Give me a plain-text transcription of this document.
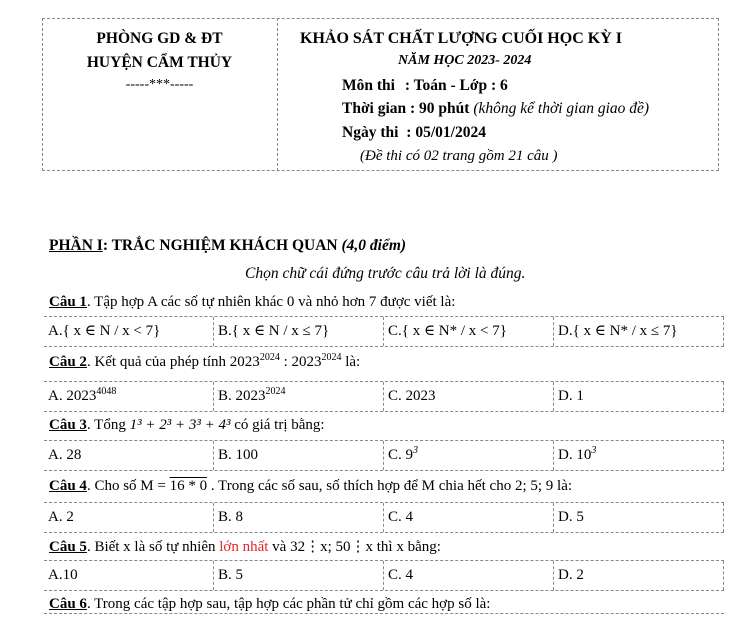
PHÒNG GD & ĐT
HUYỆN CẨM THỦY
-----***-----
KHẢO SÁT CHẤT LƯỢNG CUỐI HỌC KỲ I
NĂM HỌC 2023- 2024
Môn thi : Toán - Lớp : 6
Thời gian : 90 phút (không kể thời gian giao đề)
Ngày thi : 05/01/2024
(Đề thi có 02 trang gồm 21 câu )
PHẦN I: TRẮC NGHIỆM KHÁCH QUAN (4,0 điểm)
Chọn chữ cái đứng trước câu trả lời là đúng.
Câu 1. Tập hợp A các số tự nhiên khác 0 và nhỏ hơn 7 được viết là:
A.{ x ∈ N / x < 7}	B.{ x ∈ N / x ≤ 7}	C.{ x ∈ N* / x < 7}	D.{ x ∈ N* / x ≤ 7}
Câu 2. Kết quả của phép tính $2023^{2024}$ : $2023^{2024}$ là:
A. $2023^{4048}$	B. $2023^{2024}$	C. 2023	D. 1
Câu 3. Tổng 1³ + 2³ + 3³ + 4³ có giá trị bằng:
A. 28	B. 100	C. $9^3$	D. $10^3$
Câu 4. Cho số M = 16 * 0 . Trong các số sau, số thích hợp để M chia hết cho 2; 5; 9 là:
A. 2	B. 8	C. 4	D. 5
Câu 5. Biết x là số tự nhiên lớn nhất và 32⋮x; 50⋮x thì x bằng:
A.10	B. 5	C. 4	D. 2
Câu 6. Trong các tập hợp sau, tập hợp các phần tử chỉ gồm các hợp số là:
